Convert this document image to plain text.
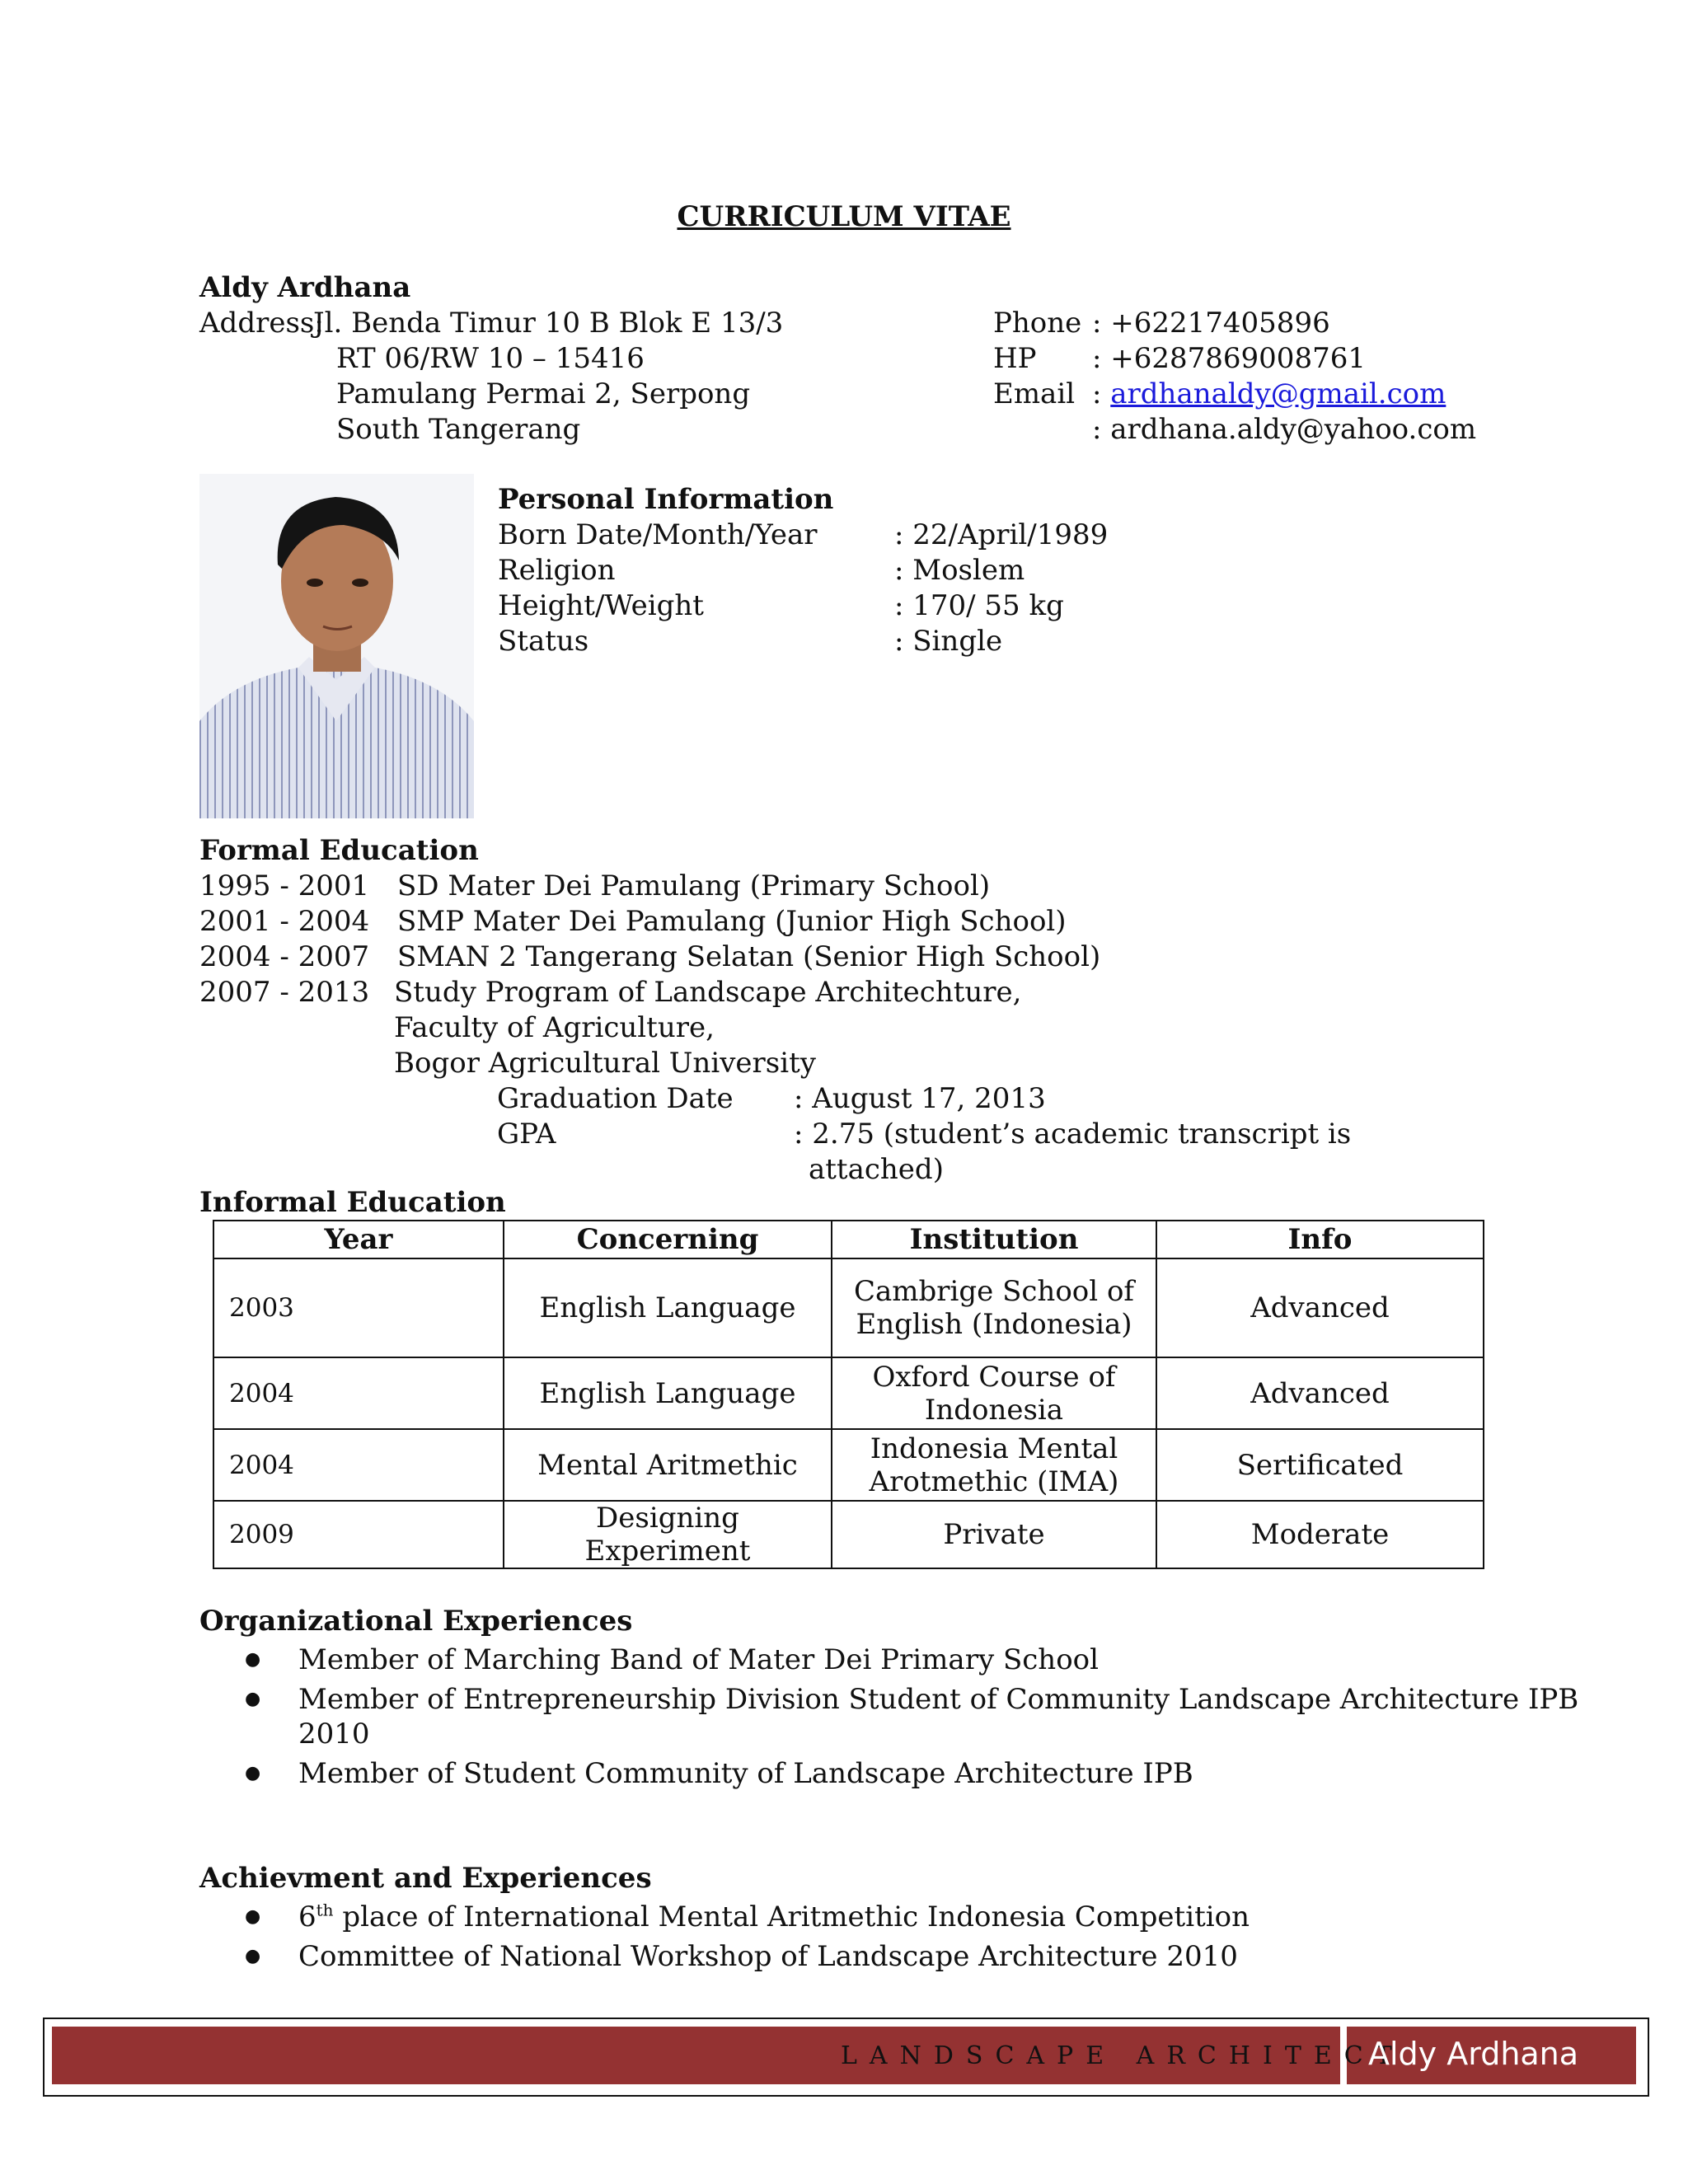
CURRICULUM VITAE
Aldy Ardhana
Address:
Jl. Benda Timur 10 B Blok E 13/3
RT 06/RW 10 – 15416
Pamulang Permai 2, Serpong
South Tangerang
Phone : +62217405896
HP : +6287869008761
Email : ardhanaldy@gmail.com
: ardhana.aldy@yahoo.com
Personal Information
Born Date/Month/Year	: 22/April/1989
Religion	: Moslem
Height/Weight	: 170/ 55 kg
Status	: Single
Formal Education
1995 - 2001 SD Mater Dei Pamulang (Primary School)
2001 - 2004 SMP Mater Dei Pamulang (Junior High School)
2004 - 2007 SMAN 2 Tangerang Selatan (Senior High School)
2007 - 2013 Study Program of Landscape Architechture,
Faculty of Agriculture,
Bogor Agricultural University
Graduation Date : August 17, 2013
GPA	: 2.75 (student’s academic transcript is
attached)
Informal Education
Year	Concerning	Institution	Info
2003	English Language	Cambrige School of English (Indonesia)	Advanced
2004	English Language	Oxford Course of Indonesia	Advanced
2004	Mental Aritmethic	Indonesia Mental Arotmethic (IMA)	Sertificated
2009	Designing Experiment	Private	Moderate
Organizational Experiences
● Member of Marching Band of Mater Dei Primary School
● Member of Entrepreneurship Division Student of Community Landscape Architecture IPB 2010
● Member of Student Community of Landscape Architecture IPB
Achievment and Experiences
● 6th place of International Mental Aritmethic Indonesia Competition
● Committee of National Workshop of Landscape Architecture 2010
LANDSCAPE ARCHITECT
Aldy Ardhana
